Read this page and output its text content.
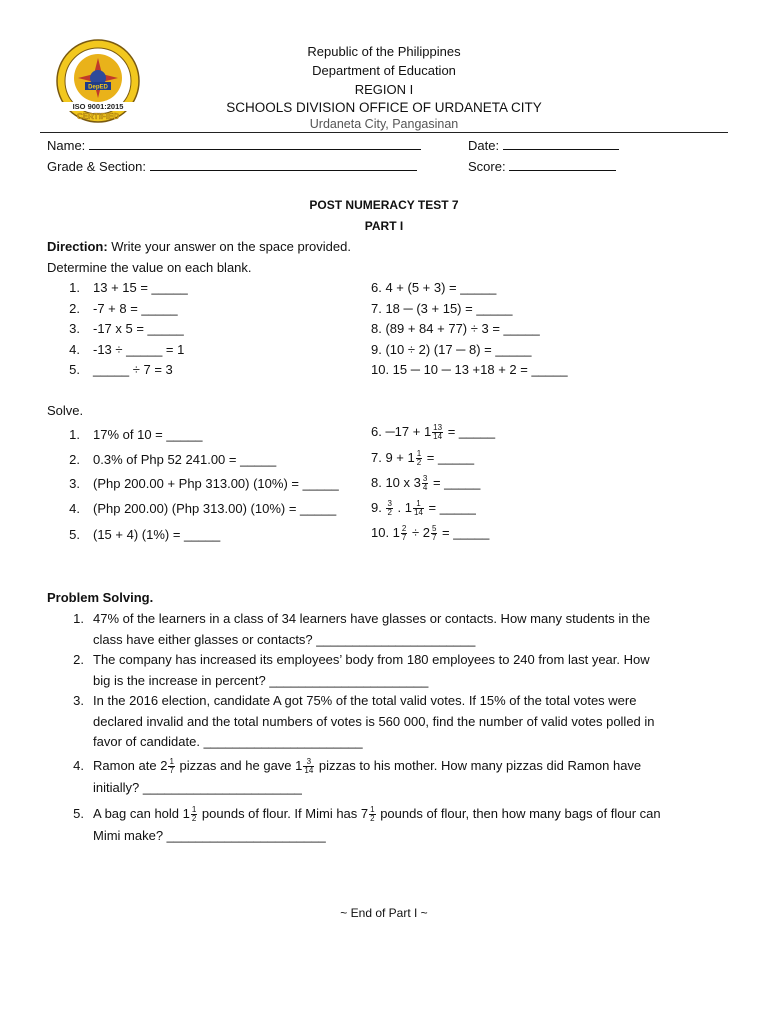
DepED
ISO 9001:2015
CERTIFIED
Republic of the Philippines
Department of Education
REGION I
SCHOOLS DIVISION OFFICE OF URDANETA CITY
Urdaneta City, Pangasinan
Name:	Date:
Grade & Section:	Score:
POST NUMERACY TEST 7
PART I
Direction: Write your answer on the space provided.
Determine the value on each blank.
1. 13 + 15 = _____
2. -7 + 8 = _____
3. -17 x 5 = _____
4. -13 ÷ _____ = 1
5. _____ ÷ 7 = 3
6. 4 + (5 + 3) = _____
7. 18 ─ (3 + 15) = _____
8. (89 + 84 + 77) ÷ 3 = _____
9. (10 ÷ 2) (17 ─ 8) = _____
10. 15 ─ 10 ─ 13 +18 + 2 = _____
Solve.
1. 17% of 10 = _____
2. 0.3% of Php 52 241.00 = _____
3. (Php 200.00 + Php 313.00) (10%) = _____
4. (Php 200.00) (Php 313.00) (10%) = _____
5. (15 + 4) (1%) = _____
6. ─17 + $1 \frac{13}{14}$ = _____
7. $9 + 1 \frac{1}{2}$ = _____
8. 10 x $3 \frac{3}{4}$ = _____
9. $\frac{3}{2}$ . $1 \frac{1}{14}$ = _____
10. $1 \frac{2}{7} \div 2 \frac{5}{7}$ = _____
Problem Solving.
1. 47% of the learners in a class of 34 learners have glasses or contacts. How many students in the
class have either glasses or contacts? ______________________
2. The company has increased its employees’ body from 180 employees to 240 from last year. How
big is the increase in percent? ______________________
3. In the 2016 election, candidate A got 75% of the total valid votes. If 15% of the total votes were
declared invalid and the total numbers of votes is 560 000, find the number of valid votes polled in
favor of candidate. ______________________
4. Ramon ate $2 \frac{1}{7}$ pizzas and he gave $1 \frac{3}{14}$ pizzas to his mother. How many pizzas did Ramon have
initially? ______________________
5. A bag can hold $1 \frac{1}{2}$ pounds of flour. If Mimi has $7 \frac{1}{2}$ pounds of flour, then how many bags of flour can
Mimi make? ______________________
~ End of Part I ~
